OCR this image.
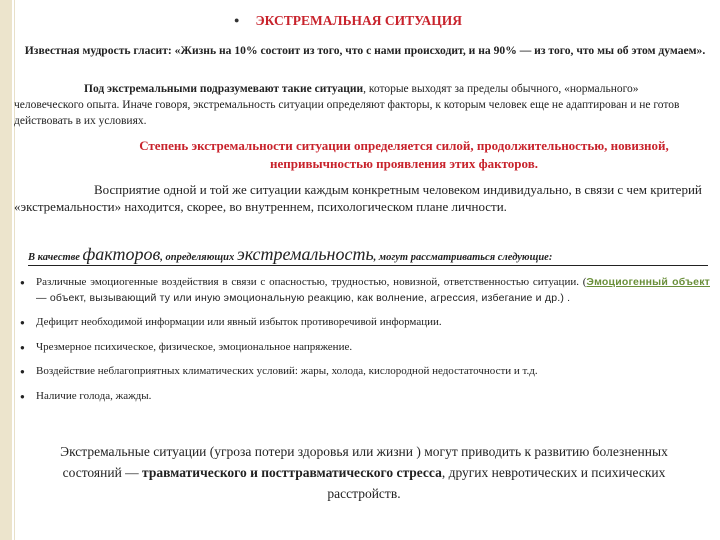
● ЭКСТРЕМАЛЬНАЯ СИТУАЦИЯ
Известная мудрость гласит: «Жизнь на 10% состоит из того, что с нами происходит, и на 90% — из того, что мы об этом думаем».
Под экстремальными подразумевают такие ситуации, которые выходят за пределы обычного, «нормального» человеческого опыта. Иначе говоря, экстремальность ситуации определяют факторы, к которым человек еще не адаптирован и не готов действовать в их условиях.
Степень экстремальности ситуации определяется силой, продолжительностью, новизной, непривычностью проявления этих факторов.
Восприятие одной и той же ситуации каждым конкретным человеком индивидуально, в связи с чем критерий «экстремальности» находится, скорее, во внутреннем, психологическом плане личности.
В качестве факторов, определяющих экстремальность, могут рассматриваться следующие:
● Различные эмоциогенные воздействия в связи с опасностью, трудностью, новизной, ответственностью ситуации. (Эмоциогенный объект — объект, вызывающий ту или иную эмоциональную реакцию, как волнение, агрессия, избегание и др.) .
● Дефицит необходимой информации или явный избыток противоречивой информации.
● Чрезмерное психическое, физическое, эмоциональное напряжение.
● Воздействие неблагоприятных климатических условий: жары, холода, кислородной недостаточности и т.д.
● Наличие голода, жажды.
Экстремальные ситуации (угроза потери здоровья или жизни ) могут приводить к развитию болезненных состояний — травматического и посттравматического стресса, других невротических и психических расстройств.
